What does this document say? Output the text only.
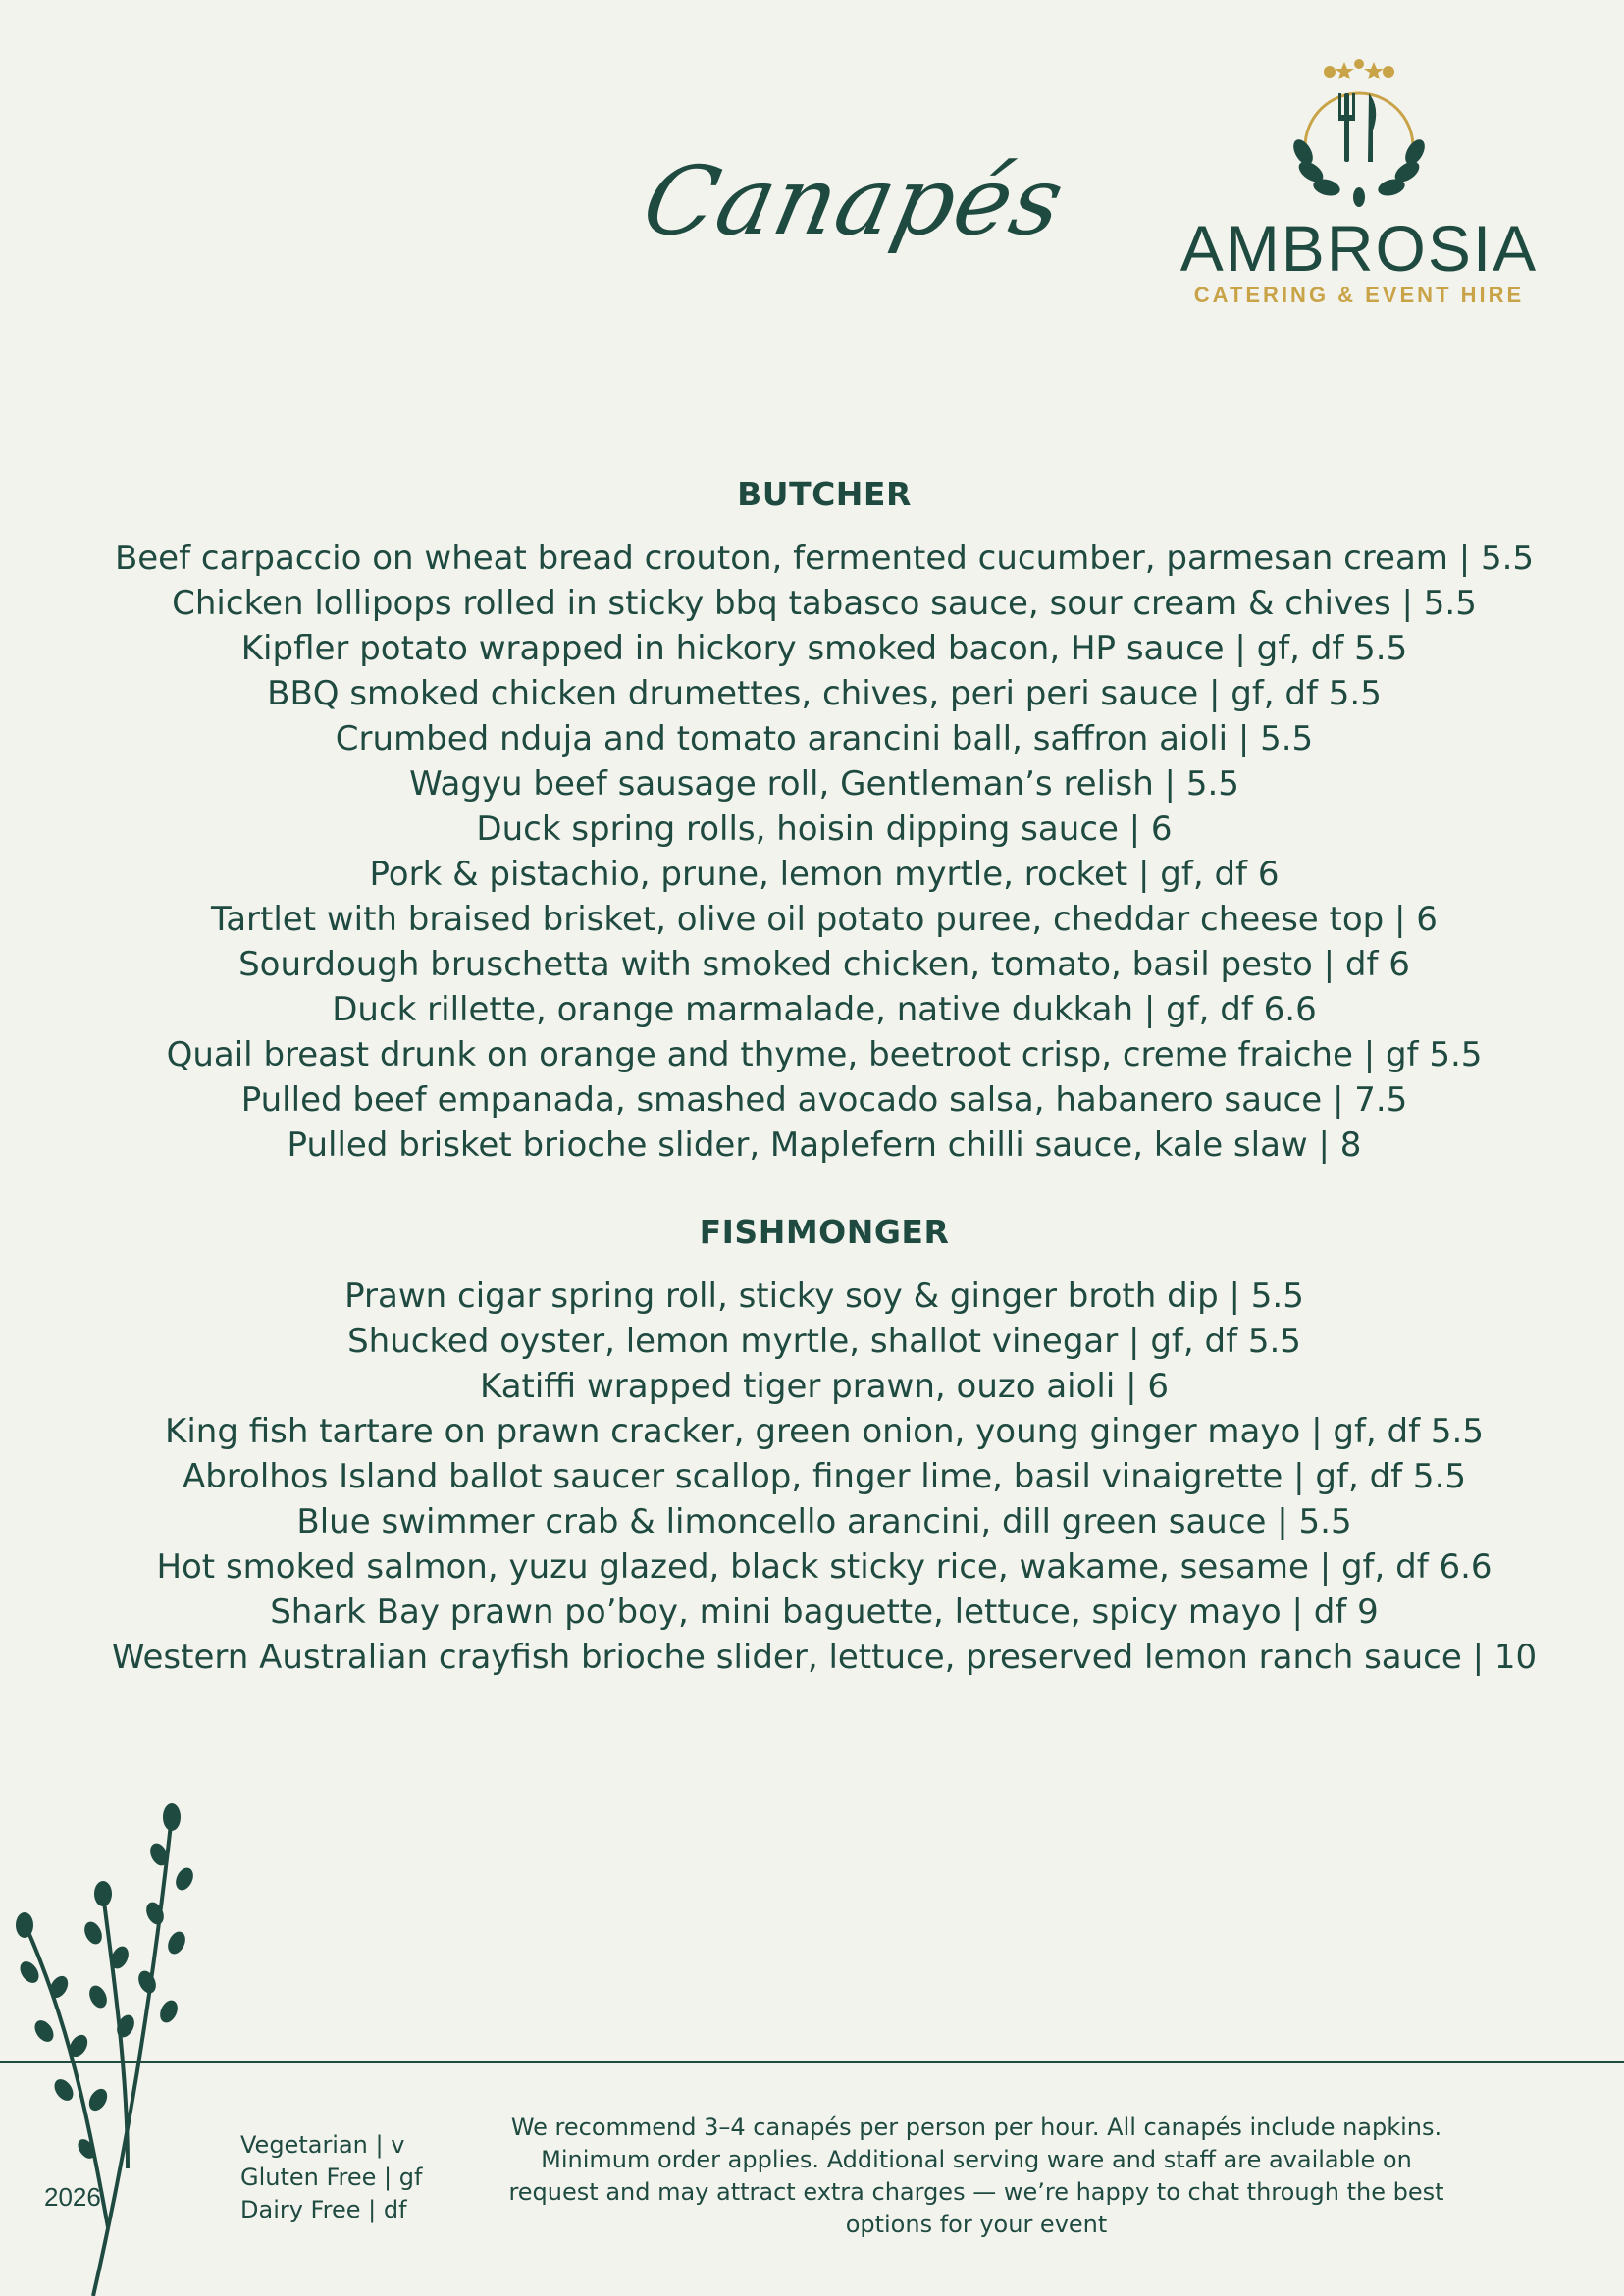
Canapés AMBROSIA
CATERING & EVENT HIRE
BUTCHER
Beef carpaccio on wheat bread crouton, fermented cucumber, parmesan cream | 5.5
Chicken lollipops rolled in sticky bbq tabasco sauce, sour cream & chives | 5.5
Kipfler potato wrapped in hickory smoked bacon, HP sauce | gf, df 5.5
BBQ smoked chicken drumettes, chives, peri peri sauce | gf, df 5.5
Crumbed nduja and tomato arancini ball, saffron aioli | 5.5
Wagyu beef sausage roll, Gentleman’s relish | 5.5
Duck spring rolls, hoisin dipping sauce | 6
Pork & pistachio, prune, lemon myrtle, rocket | gf, df 6
Tartlet with braised brisket, olive oil potato puree, cheddar cheese top | 6
Sourdough bruschetta with smoked chicken, tomato, basil pesto | df 6
Duck rillette, orange marmalade, native dukkah | gf, df 6.6
Quail breast drunk on orange and thyme, beetroot crisp, creme fraiche | gf 5.5
Pulled beef empanada, smashed avocado salsa, habanero sauce | 7.5
Pulled brisket brioche slider, Maplefern chilli sauce, kale slaw | 8
FISHMONGER
Prawn cigar spring roll, sticky soy & ginger broth dip | 5.5
Shucked oyster, lemon myrtle, shallot vinegar | gf, df 5.5
Katiffi wrapped tiger prawn, ouzo aioli | 6
King fish tartare on prawn cracker, green onion, young ginger mayo | gf, df 5.5
Abrolhos Island ballot saucer scallop, finger lime, basil vinaigrette | gf, df 5.5
Blue swimmer crab & limoncello arancini, dill green sauce | 5.5
Hot smoked salmon, yuzu glazed, black sticky rice, wakame, sesame | gf, df 6.6
Shark Bay prawn po’boy, mini baguette, lettuce, spicy mayo | df 9
Western Australian crayfish brioche slider, lettuce, preserved lemon ranch sauce | 10
2026
Vegetarian | v
Gluten Free | gf
Dairy Free | df
We recommend 3–4 canapés per person per hour. All canapés include napkins. Minimum order applies. Additional serving ware and staff are available on request and may attract extra charges — we’re happy to chat through the best options for your event
